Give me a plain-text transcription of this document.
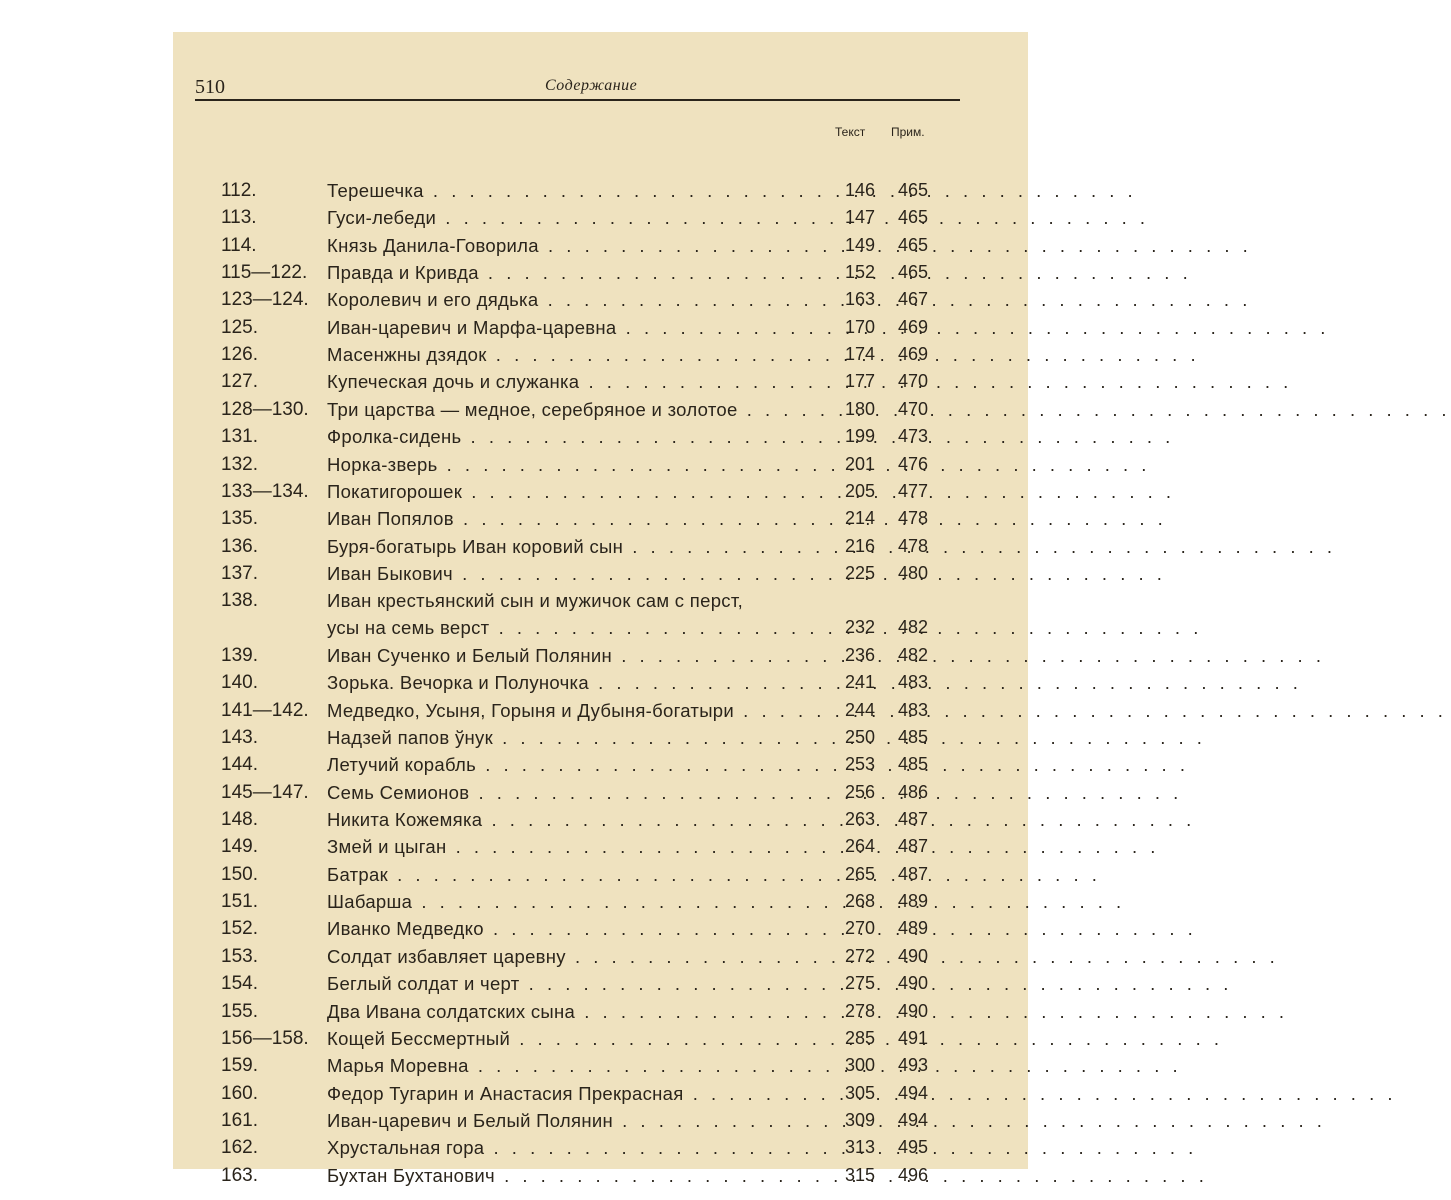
510	Содержание
Текст Прим.
112.	Терешечка . . .	146	465
113.	Гуси-лебеди . . .	147	465
114.	Князь Данила-Говорила . . .	149	465
115—122. Правда и Кривда . . .	152	465
123—124. Королевич и его дядька . . .	163	467
125.	Иван-царевич и Марфа-царевна . . .	170	469
126.	Масенжны дзядок . . .	174	469
127.	Купеческая дочь и служанка . . .	177	470
128—130. Три царства — медное, серебряное и золотое . . .	180	470
131.	Фролка-сидень . . .	199	473
132.	Норка-зверь . . .	201	476
133—134. Покатигорошек . . .	205	477
135.	Иван Попялов . . .	214	478
136.	Буря-богатырь Иван коровий сын . . .	216	478
137.	Иван Быкович . . .	225	480
138.	Иван крестьянский сын и мужичок сам с перст,
усы на семь верст . . .	232	482
139.	Иван Сученко и Белый Полянин . . .	236	482
140.	Зорька. Вечорка и Полуночка . . .	241	483
141—142. Медведко, Усыня, Горыня и Дубыня-богатыри . . .	244	483
143.	Надзей папов ўнук . . .	250	485
144.	Летучий корабль . . .	253	485
145—147. Семь Семионов . . .	256	486
148.	Никита Кожемяка . . .	263	487
149.	Змей и цыган . . .	264	487
150.	Батрак . . .	265	487
151.	Шабарша . . .	268	489
152.	Иванко Медведко . . .	270	489
153.	Солдат избавляет царевну . . .	272	490
154.	Беглый солдат и черт . . .	275	490
155.	Два Ивана солдатских сына . . .	278	490
156—158. Кощей Бессмертный . . .	285	491
159.	Марья Моревна . . .	300	493
160.	Федор Тугарин и Анастасия Прекрасная . . .	305	494
161.	Иван-царевич и Белый Полянин . . .	309	494
162.	Хрустальная гора . . .	313	495
163.	Бухтан Бухтанович . . .	315	496
